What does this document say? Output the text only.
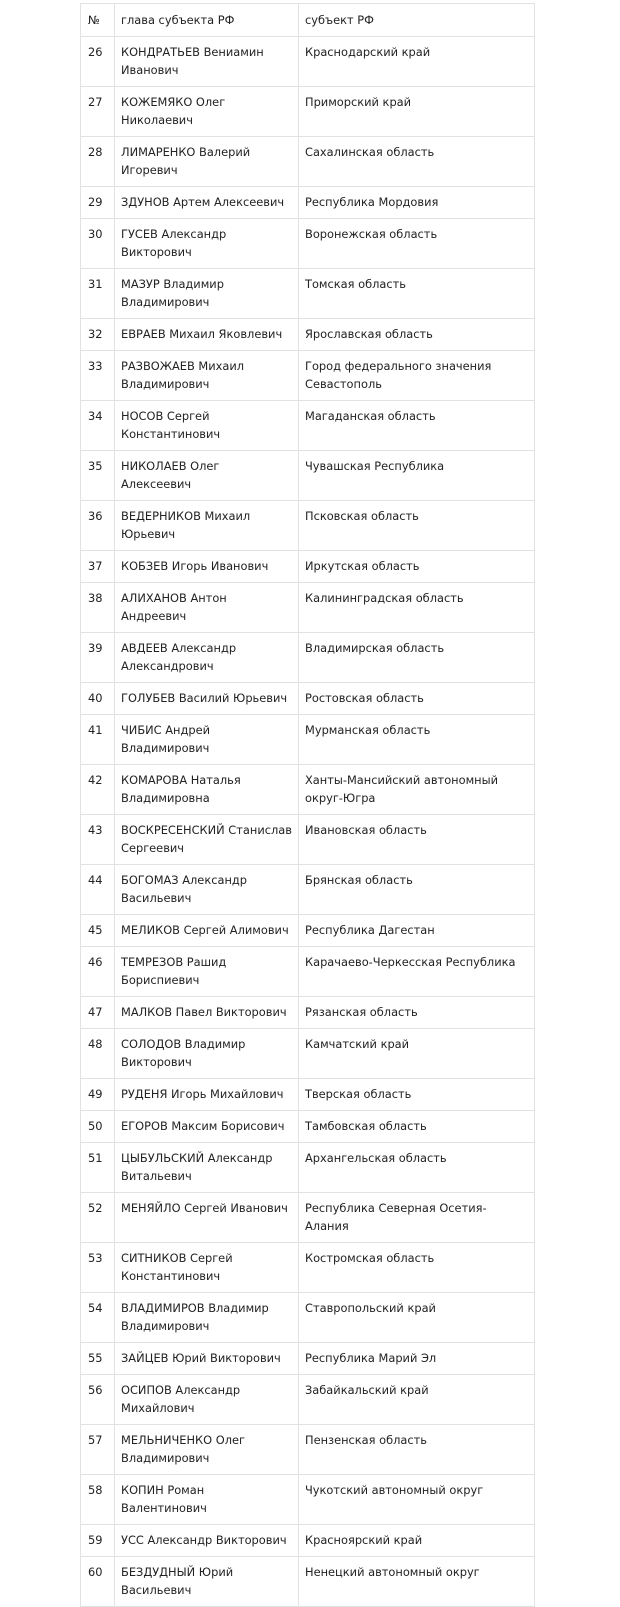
№	глава субъекта РФ	субъект РФ
26	КОНДРАТЬЕВ Вениамин Иванович	Краснодарский край
27	КОЖЕМЯКО Олег Николаевич	Приморский край
28	ЛИМАРЕНКО Валерий Игоревич	Сахалинская область
29	ЗДУНОВ Артем Алексеевич	Республика Мордовия
30	ГУСЕВ Александр Викторович	Воронежская область
31	МАЗУР Владимир Владимирович	Томская область
32	ЕВРАЕВ Михаил Яковлевич	Ярославская область
33	РАЗВОЖАЕВ Михаил Владимирович	Город федерального значения Севастополь
34	НОСОВ Сергей Константинович	Магаданская область
35	НИКОЛАЕВ Олег Алексеевич	Чувашская Республика
36	ВЕДЕРНИКОВ Михаил Юрьевич	Псковская область
37	КОБЗЕВ Игорь Иванович	Иркутская область
38	АЛИХАНОВ Антон Андреевич	Калининградская область
39	АВДЕЕВ Александр Александрович	Владимирская область
40	ГОЛУБЕВ Василий Юрьевич	Ростовская область
41	ЧИБИС Андрей Владимирович	Мурманская область
42	КОМАРОВА Наталья Владимировна	Ханты-Мансийский автономный округ-Югра
43	ВОСКРЕСЕНСКИЙ Станислав Сергеевич	Ивановская область
44	БОГОМАЗ Александр Васильевич	Брянская область
45	МЕЛИКОВ Сергей Алимович	Республика Дагестан
46	ТЕМРЕЗОВ Рашид Бориспиевич	Карачаево-Черкесская Республика
47	МАЛКОВ Павел Викторович	Рязанская область
48	СОЛОДОВ Владимир Викторович	Камчатский край
49	РУДЕНЯ Игорь Михайлович	Тверская область
50	ЕГОРОВ Максим Борисович	Тамбовская область
51	ЦЫБУЛЬСКИЙ Александр Витальевич	Архангельская область
52	МЕНЯЙЛО Сергей Иванович	Республика Северная Осетия-Алания
53	СИТНИКОВ Сергей Константинович	Костромская область
54	ВЛАДИМИРОВ Владимир Владимирович	Ставропольский край
55	ЗАЙЦЕВ Юрий Викторович	Республика Марий Эл
56	ОСИПОВ Александр Михайлович	Забайкальский край
57	МЕЛЬНИЧЕНКО Олег Владимирович	Пензенская область
58	КОПИН Роман Валентинович	Чукотский автономный округ
59	УСС Александр Викторович	Красноярский край
60	БЕЗДУДНЫЙ Юрий Васильевич	Ненецкий автономный округ
